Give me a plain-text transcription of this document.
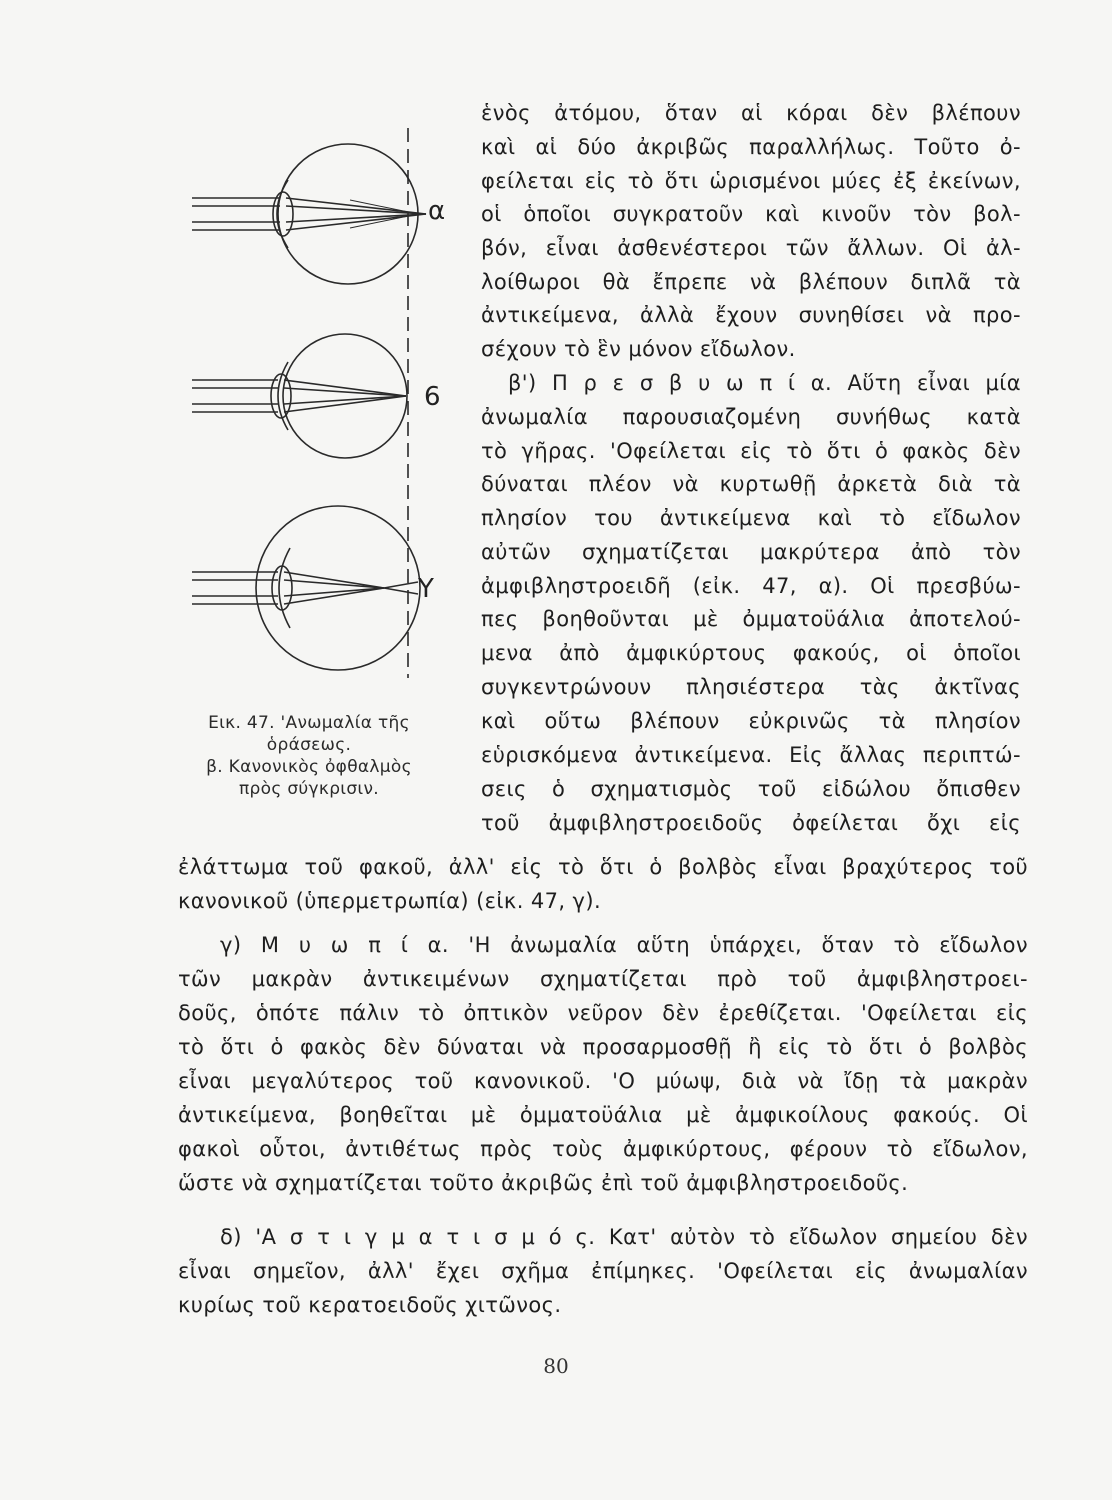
α
6
Y
Εικ. 47. 'Ανωμαλία τῆς
ὁράσεως.
β. Κανονικὸς ὀφθαλμὸς
πρὸς σύγκρισιν.
ἑνὸς ἀτόμου, ὅταν αἱ κόραι δὲν βλέπουν
καὶ αἱ δύο ἀκριβῶς παραλλήλως. Τοῦτο ὀ-
φείλεται εἰς τὸ ὅτι ὡρισμένοι μύες ἐξ ἐκείνων,
οἱ ὁποῖοι συγκρατοῦν καὶ κινοῦν τὸν βολ-
βόν, εἶναι ἀσθενέστεροι τῶν ἄλλων. Οἱ ἀλ-
λοίθωροι θὰ ἔπρεπε νὰ βλέπουν διπλᾶ τὰ
ἀντικείμενα, ἀλλὰ ἔχουν συνηθίσει νὰ προ-
σέχουν τὸ ἓν μόνον εἴδωλον.
β') Π ρ ε σ β υ ω π ί α. Αὕτη εἶναι μία
ἀνωμαλία παρουσιαζομένη συνήθως κατὰ
τὸ γῆρας. 'Οφείλεται εἰς τὸ ὅτι ὁ φακὸς δὲν
δύναται πλέον νὰ κυρτωθῇ ἀρκετὰ διὰ τὰ
πλησίον του ἀντικείμενα καὶ τὸ εἴδωλον
αὐτῶν σχηματίζεται μακρύτερα ἀπὸ τὸν
ἀμφιβληστροειδῆ (εἰκ. 47, α). Οἱ πρεσβύω-
πες βοηθοῦνται μὲ ὀμματοϋάλια ἀποτελού-
μενα ἀπὸ ἀμφικύρτους φακούς, οἱ ὁποῖοι
συγκεντρώνουν πλησιέστερα τὰς ἀκτῖνας
καὶ οὕτω βλέπουν εὐκρινῶς τὰ πλησίον
εὑρισκόμενα ἀντικείμενα. Εἰς ἄλλας περιπτώ-
σεις ὁ σχηματισμὸς τοῦ εἰδώλου ὄπισθεν
τοῦ ἀμφιβληστροειδοῦς ὀφείλεται ὄχι εἰς
ἐλάττωμα τοῦ φακοῦ, ἀλλ' εἰς τὸ ὅτι ὁ βολβὸς εἶναι βραχύτερος τοῦ
κανονικοῦ (ὑπερμετρωπία) (εἰκ. 47, γ).
γ) Μ υ ω π ί α. 'Η ἀνωμαλία αὕτη ὑπάρχει, ὅταν τὸ εἴδωλον
τῶν μακρὰν ἀντικειμένων σχηματίζεται πρὸ τοῦ ἀμφιβληστροει-
δοῦς, ὁπότε πάλιν τὸ ὀπτικὸν νεῦρον δὲν ἐρεθίζεται. 'Οφείλεται εἰς
τὸ ὅτι ὁ φακὸς δὲν δύναται νὰ προσαρμοσθῇ ἢ εἰς τὸ ὅτι ὁ βολβὸς
εἶναι μεγαλύτερος τοῦ κανονικοῦ. 'Ο μύωψ, διὰ νὰ ἴδῃ τὰ μακρὰν
ἀντικείμενα, βοηθεῖται μὲ ὀμματοϋάλια μὲ ἀμφικοίλους φακούς. Οἱ
φακοὶ οὗτοι, ἀντιθέτως πρὸς τοὺς ἀμφικύρτους, φέρουν τὸ εἴδωλον,
ὥστε νὰ σχηματίζεται τοῦτο ἀκριβῶς ἐπὶ τοῦ ἀμφιβληστροειδοῦς.
δ) 'Α σ τ ι γ μ α τ ι σ μ ό ς. Κατ' αὐτὸν τὸ εἴδωλον σημείου δὲν
εἶναι σημεῖον, ἀλλ' ἔχει σχῆμα ἐπίμηκες. 'Οφείλεται εἰς ἀνωμαλίαν
κυρίως τοῦ κερατοειδοῦς χιτῶνος.
80
